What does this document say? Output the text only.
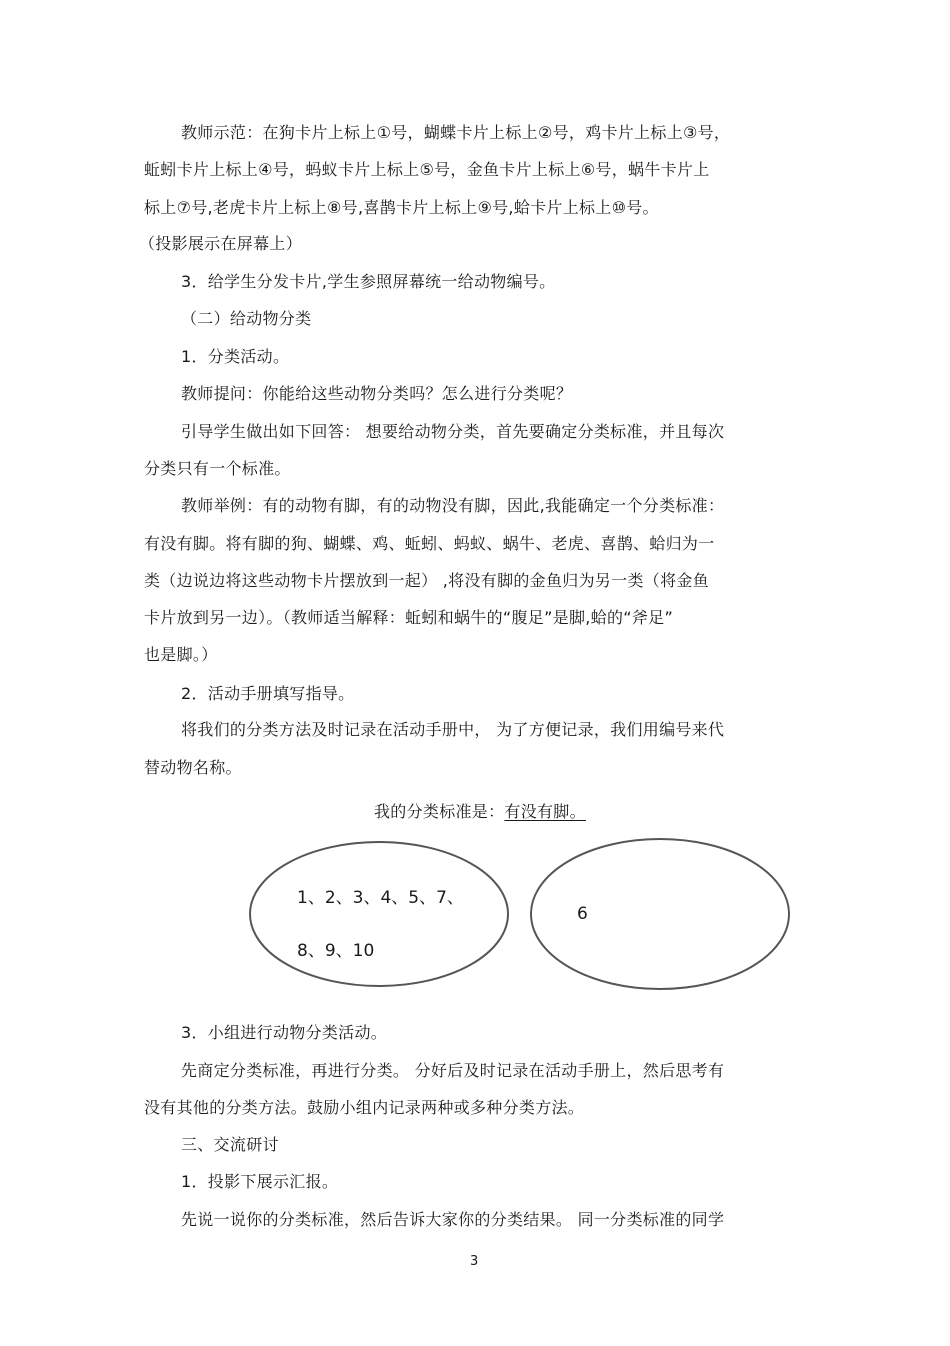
教师示范：在狗卡片上标上①号，蝴蝶卡片上标上②号，鸡卡片上标上③号，
蚯蚓卡片上标上④号，蚂蚁卡片上标上⑤号，金鱼卡片上标上⑥号，蜗牛卡片上
标上⑦号,老虎卡片上标上⑧号,喜鹊卡片上标上⑨号,蛤卡片上标上⑩号。
（投影展示在屏幕上）
3．给学生分发卡片,学生参照屏幕统一给动物编号。
（二）给动物分类
1．分类活动。
教师提问：你能给这些动物分类吗？怎么进行分类呢？
引导学生做出如下回答： 想要给动物分类，首先要确定分类标准，并且每次
分类只有一个标准。
教师举例：有的动物有脚，有的动物没有脚，因此,我能确定一个分类标准：
有没有脚。将有脚的狗、蝴蝶、鸡、蚯蚓、蚂蚁、蜗牛、老虎、喜鹊、蛤归为一
类（边说边将这些动物卡片摆放到一起） ,将没有脚的金鱼归为另一类（将金鱼
卡片放到另一边）。（教师适当解释：蚯蚓和蜗牛的“腹足”是脚,蛤的“斧足”
也是脚。）
2．活动手册填写指导。
将我们的分类方法及时记录在活动手册中， 为了方便记录，我们用编号来代
替动物名称。
我的分类标准是：有没有脚。
1、2、3、4、5、7、
8、9、10
6
3．小组进行动物分类活动。
先商定分类标准，再进行分类。 分好后及时记录在活动手册上，然后思考有
没有其他的分类方法。鼓励小组内记录两种或多种分类方法。
三、交流研讨
1．投影下展示汇报。
先说一说你的分类标准，然后告诉大家你的分类结果。 同一分类标准的同学
3
